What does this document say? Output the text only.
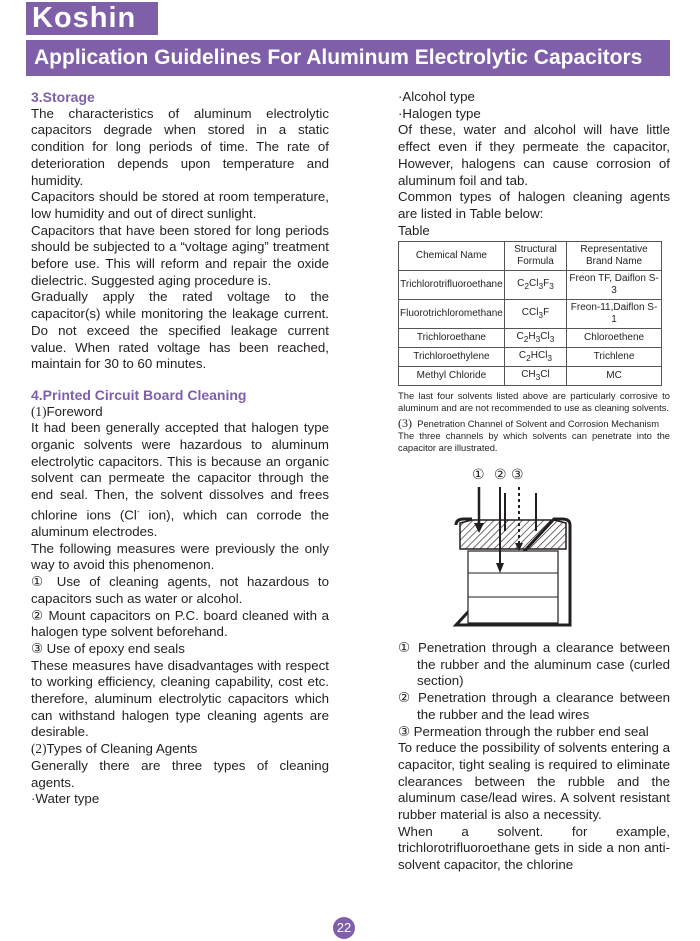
Koshin
Application Guidelines For Aluminum Electrolytic Capacitors

3.Storage

The characteristics of aluminum electrolytic capacitors degrade when stored in a static condition for long periods of time. The rate of deterioration depends upon temperature and humidity.

Capacitors should be stored at room temperature, low humidity and out of direct sunlight.

Capacitors that have been stored for long periods should be subjected to a “voltage aging” treatment before use. This will reform and repair the oxide dielectric. Suggested aging procedure is.

Gradually apply the rated voltage to the capacitor(s) while monitoring the leakage current. Do not exceed the specified leakage current value. When rated voltage has been reached, maintain for 30 to 60 minutes.

4.Printed Circuit Board Cleaning

(1)Foreword

It had been generally accepted that halogen type organic solvents were hazardous to aluminum electrolytic capacitors. This is because an organic solvent can permeate the capacitor through the end seal. Then, the solvent dissolves and frees chlorine ions (Cl- ion), which can corrode the aluminum electrodes.

The following measures were previously the only way to avoid this phenomenon.

① Use of cleaning agents, not hazardous to capacitors such as water or alcohol.

② Mount capacitors on P.C. board cleaned with a halogen type solvent beforehand.

③ Use of epoxy end seals

These measures have disadvantages with respect to working efficiency, cleaning capability, cost etc. therefore, aluminum electrolytic capacitors which can withstand halogen type cleaning agents are desirable.

(2)Types of Cleaning Agents

Generally there are three types of cleaning agents.

·Water type

·Alcohol type

·Halogen type

Of these, water and alcohol will have little effect even if they permeate the capacitor, However, halogens can cause corrosion of aluminum foil and tab.

Common types of halogen cleaning agents are listed in Table below:

Table

Chemical Name	Structural Formula	Representative Brand Name
Trichlorotrifluoroethane	$C_2Cl_3F_3$	Freon TF, Daiflon S-3
Fluorotrichloromethane	CCl$_3$F	Freon-11,Daiflon S-1
Trichloroethane	$C_2H_3Cl_3$	Chloroethene
Trichloroethylene	$C_2HCl_3$	Trichlene
Methyl Chloride	$CH_3Cl$	MC

The last four solvents listed above are particularly corrosive to aluminum and are not recommended to use as cleaning solvents.

(3) Penetration Channel of Solvent and Corrosion Mechanism

The three channels by which solvents can penetrate into the capacitor are illustrated.

① ② ③

① Penetration through a clearance between the rubber and the aluminum case (curled section)

② Penetration through a clearance between the rubber and the lead wires

③ Permeation through the rubber end seal

To reduce the possibility of solvents entering a capacitor, tight sealing is required to eliminate clearances between the rubble and the aluminum case/lead wires. A solvent resistant rubber material is also a necessity.

When a solvent. for example, trichlorotrifluoroethane gets in side a non anti-solvent capacitor, the chlorine

22
